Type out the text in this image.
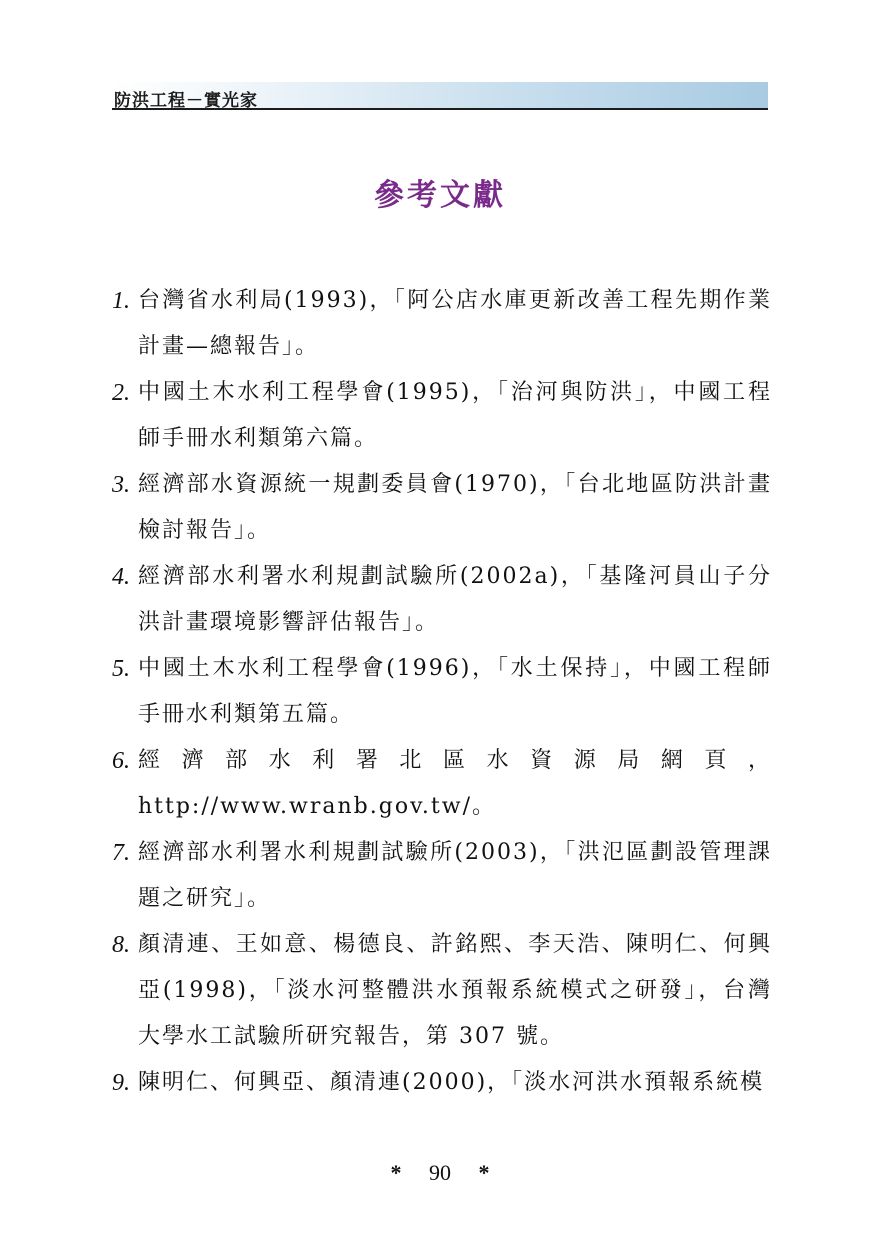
防洪工程－實光家
參考文獻
1. 台灣省水利局(1993)，「阿公店水庫更新改善工程先期作業計畫—總報告」。
2. 中國土木水利工程學會(1995)，「治河與防洪」，中國工程師手冊水利類第六篇。
3. 經濟部水資源統一規劃委員會(1970)，「台北地區防洪計畫檢討報告」。
4. 經濟部水利署水利規劃試驗所(2002a)，「基隆河員山子分洪計畫環境影響評估報告」。
5. 中國土木水利工程學會(1996)，「水土保持」，中國工程師手冊水利類第五篇。
6. 經濟部水利署北區水資源局網頁，http://www.wranb.gov.tw/。
7. 經濟部水利署水利規劃試驗所(2003)，「洪氾區劃設管理課題之研究」。
8. 顏清連、王如意、楊德良、許銘熙、李天浩、陳明仁、何興亞(1998)，「淡水河整體洪水預報系統模式之研發」，台灣大學水工試驗所研究報告，第 307 號。
9. 陳明仁、何興亞、顏清連(2000)，「淡水河洪水預報系統模
* 90 *
